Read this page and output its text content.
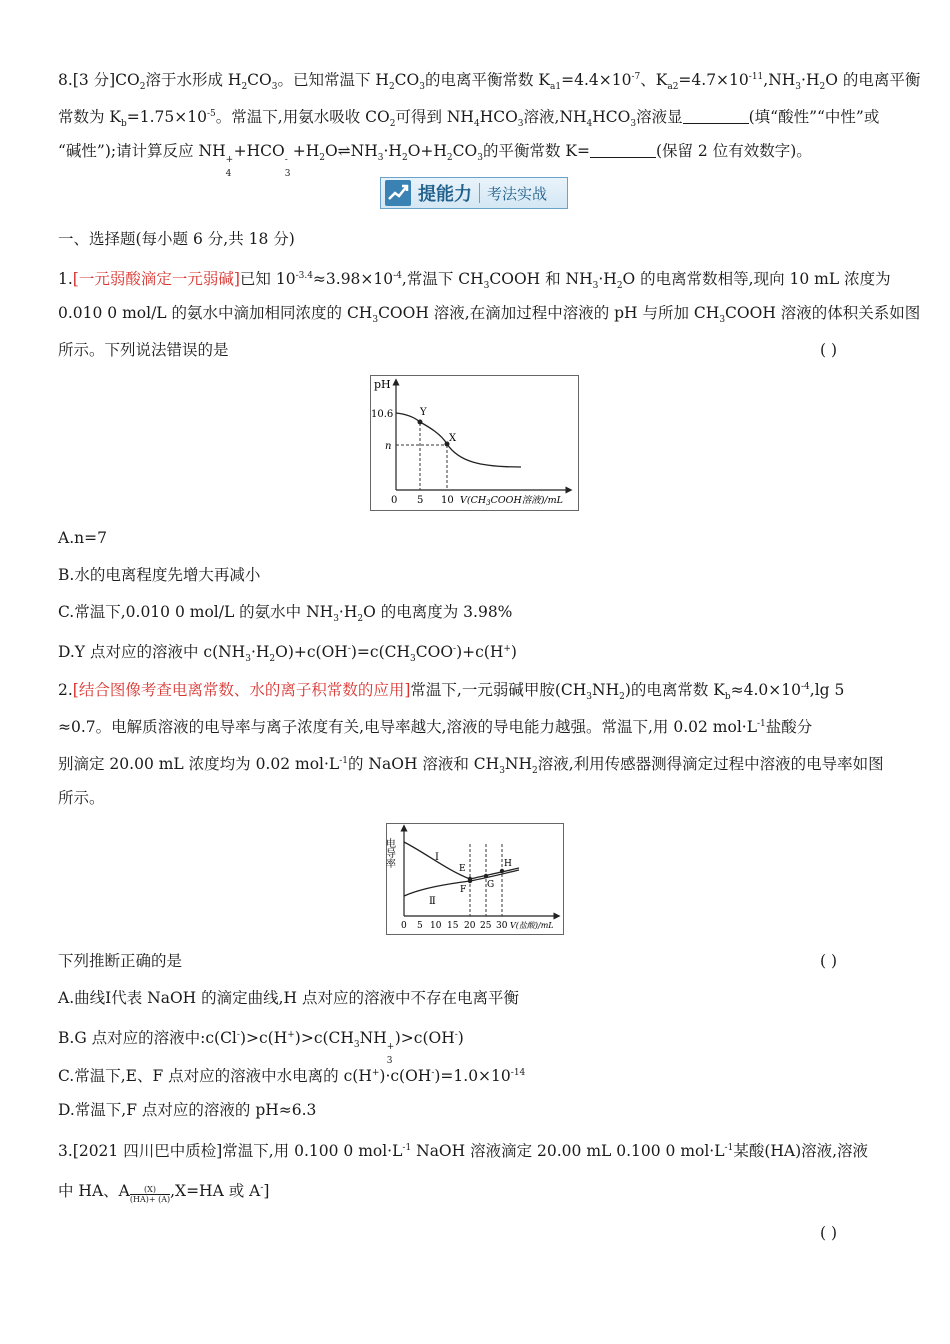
8.[3 分]$CO_2$溶于水形成 $H_2CO_3$。已知常温下 $H_2CO_3$的电离平衡常数 $K_{a1}=4.4\times 10^{-7}$、$K_{a2}=4.7\times 10^{-11},NH_3\cdot H_2O$ 的电离平衡
常数为 $K_b=1.75\times 10^{-5}$。常温下,用氨水吸收 $CO_2$可得到 $NH_4HCO_3$溶液$,NH_4HCO_3$溶液显	(填“酸性”“中性”或
“碱性”);请计算反应 NH +
4
+HCO -
3
$+H_2O\rightleftharpoons NH_3\cdot H_2O+H_2CO_3$的平衡常数 K=	(保留 2 位有效数字)。
提能力 考法实战
一、选择题(每小题 6 分,共 18 分)
1.[一元弱酸滴定一元弱碱]已知 $10^{-3.4}\approx 3.98\times 10^{-4}$,常温下 $CH_3COOH$ 和 $NH_3\cdot H_2O$ 的电离常数相等,现向 10 mL 浓度为
0.010 0 mol/L 的氨水中滴加相同浓度的 $CH_3COOH$ 溶液,在滴加过程中溶液的 pH 与所加 $CH_3COOH$ 溶液的体积关系如图
所示。下列说法错误的是	( )
pH
10.6
n
Y
X
0 5 10 $V(CH_3COOH$溶液)/mL
A.n=7
B.水的电离程度先增大再减小
C.常温下,0.010 0 mol/L 的氨水中 $NH_3\cdot H_2O$ 的电离度为 3.98%
D.Y 点对应的溶液中 $c(NH_3\cdot H_2O)+c(OH^-)=c(CH_3COO^-)+c(H^+)$
2.[结合图像考查电离常数、水的离子积常数的应用]常温下,一元弱碱甲胺$(CH_3NH_2)$的电离常数 $K_b\approx 4.0\times 10^{-4},\lg$ 5
≈0.7。电解质溶液的电导率与离子浓度有关,电导率越大,溶液的导电能力越强。常温下,用 0.02 $mol\cdot L^{-1}$盐酸分
别滴定 20.00 mL 浓度均为 0.02 $mol\cdot L^{-1}$的 NaOH 溶液和 $CH_3NH_2$溶液,利用传感器测得滴定过程中溶液的电导率如图
所示。
电导率	Ⅰ
Ⅱ
E
F G
H
0 5 10 15 20 25 30 V(盐酸)/mL
下列推断正确的是	( )
A.曲线Ⅰ代表 NaOH 的滴定曲线,H 点对应的溶液中不存在电离平衡
B.G 点对应的溶液中$:c(Cl^-)>c(H^+)>c(CH_3NH$ +
3
)>c(OH-)
C.常温下,E、F 点对应的溶液中水电离的 $c(H^+)\cdot c(OH^-)=1.0\times 10^{-14}$
D.常温下,F 点对应的溶液的 pH≈6.3
3.[2021 四川巴中质检]常温下,用 0.100 0 $mol\cdot L^{-1}$ NaOH 溶液滴定 20.00 mL 0.100 0 $mol\cdot L^{-1}$某酸(HA)溶液,溶液
中 HA、A $\frac{(X)}{(HA)+ (A)} ,X=HA$ 或 A-]
( )
